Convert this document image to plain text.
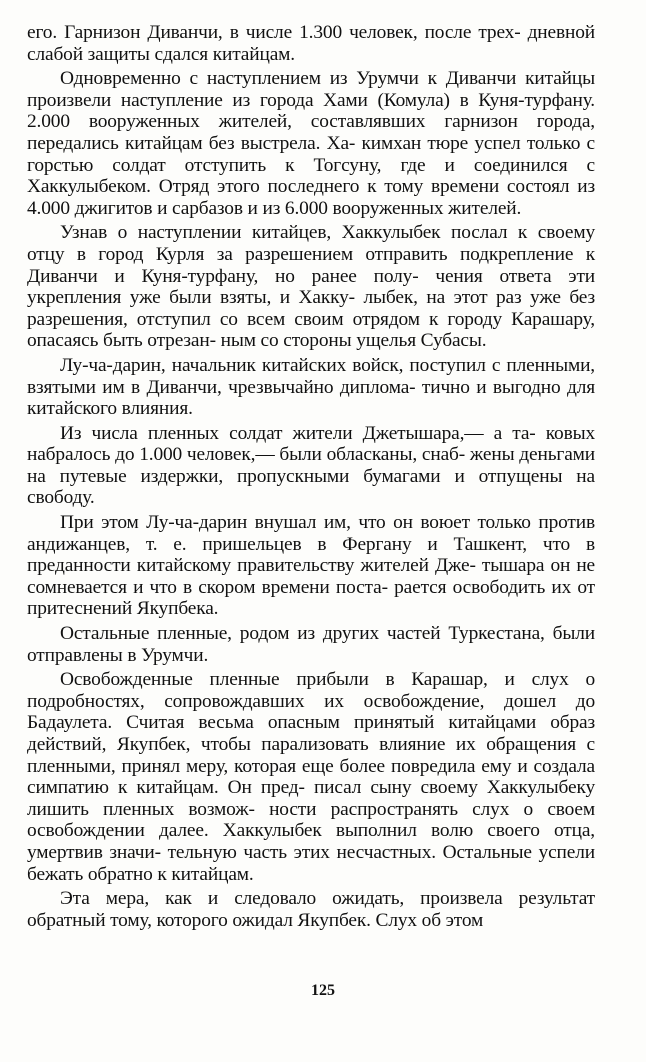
его. Гарнизон Диванчи, в числе 1.300 человек, после трех- дневной слабой защиты сдался китайцам.

Одновременно с наступлением из Урумчи к Диванчи китайцы произвели наступление из города Хами (Комула) в Куня-турфану. 2.000 вооруженных жителей, составлявших гарнизон города, передались китайцам без выстрела. Ха- кимхан тюре успел только с горстью солдат отступить к Тогсуну, где и соединился с Хаккулыбеком. Отряд этого последнего к тому времени состоял из 4.000 джигитов и сарбазов и из 6.000 вооруженных жителей.

Узнав о наступлении китайцев, Хаккулыбек послал к своему отцу в город Курля за разрешением отправить подкрепление к Диванчи и Куня-турфану, но ранее полу- чения ответа эти укрепления уже были взяты, и Хакку- лыбек, на этот раз уже без разрешения, отступил со всем своим отрядом к городу Карашару, опасаясь быть отрезан- ным со стороны ущелья Субасы.

Лу-ча-дарин, начальник китайских войск, поступил с пленными, взятыми им в Диванчи, чрезвычайно диплома- тично и выгодно для китайского влияния.

Из числа пленных солдат жители Джетышара,— а та- ковых набралось до 1.000 человек,— были обласканы, снаб- жены деньгами на путевые издержки, пропускными бумагами и отпущены на свободу.

При этом Лу-ча-дарин внушал им, что он воюет только против андижанцев, т. е. пришельцев в Фергану и Ташкент, что в преданности китайскому правительству жителей Дже- тышара он не сомневается и что в скором времени поста- рается освободить их от притеснений Якупбека.

Остальные пленные, родом из других частей Туркестана, были отправлены в Урумчи.

Освобожденные пленные прибыли в Карашар, и слух о подробностях, сопровождавших их освобождение, дошел до Бадаулета. Считая весьма опасным принятый китайцами образ действий, Якупбек, чтобы парализовать влияние их обращения с пленными, принял меру, которая еще более повредила ему и создала симпатию к китайцам. Он пред- писал сыну своему Хаккулыбеку лишить пленных возмож- ности распространять слух о своем освобождении далее. Хаккулыбек выполнил волю своего отца, умертвив значи- тельную часть этих несчастных. Остальные успели бежать обратно к китайцам.

Эта мера, как и следовало ожидать, произвела результат обратный тому, которого ожидал Якупбек. Слух об этом

125
